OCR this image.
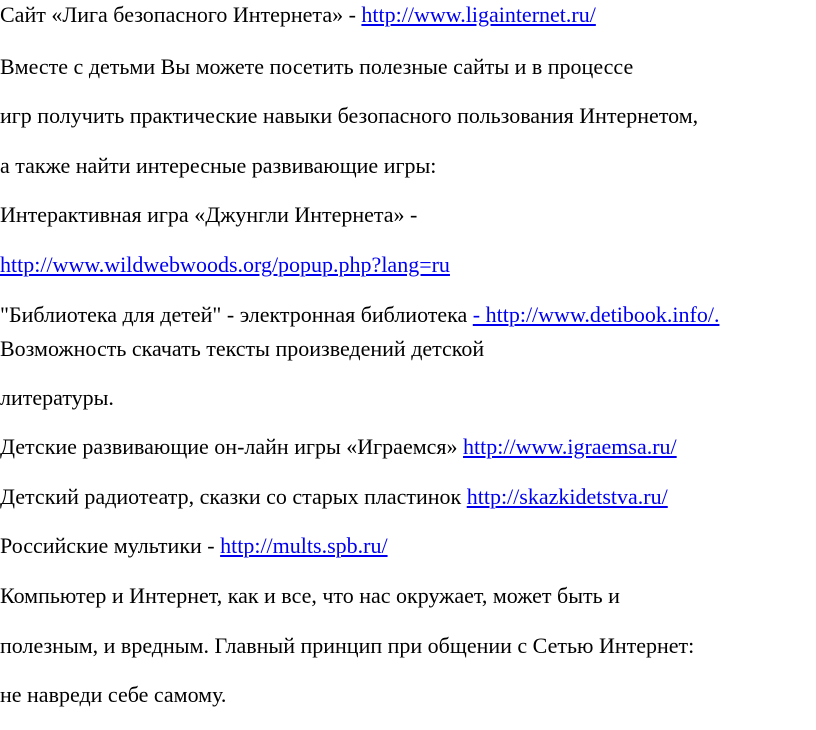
Сайт «Лига безопасного Интернета» - http://www.ligainternet.ru/
Вместе с детьми Вы можете посетить полезные сайты и в процессе
игр получить практические навыки безопасного пользования Интернетом,
а также найти интересные развивающие игры:
Интерактивная игра «Джунгли Интернета» -
http://www.wildwebwoods.org/popup.php?lang=ru
"Библиотека для детей" - электронная библиотека - http://www.detibook.info/.
Возможность скачать тексты произведений детской
литературы.
Детские развивающие он-лайн игры «Играемся» http://www.igraemsa.ru/
Детский радиотеатр, сказки со старых пластинок http://skazkidetstva.ru/
Российские мультики - http://mults.spb.ru/
Компьютер и Интернет, как и все, что нас окружает, может быть и
полезным, и вредным. Главный принцип при общении с Сетью Интернет:
не навреди себе самому.
